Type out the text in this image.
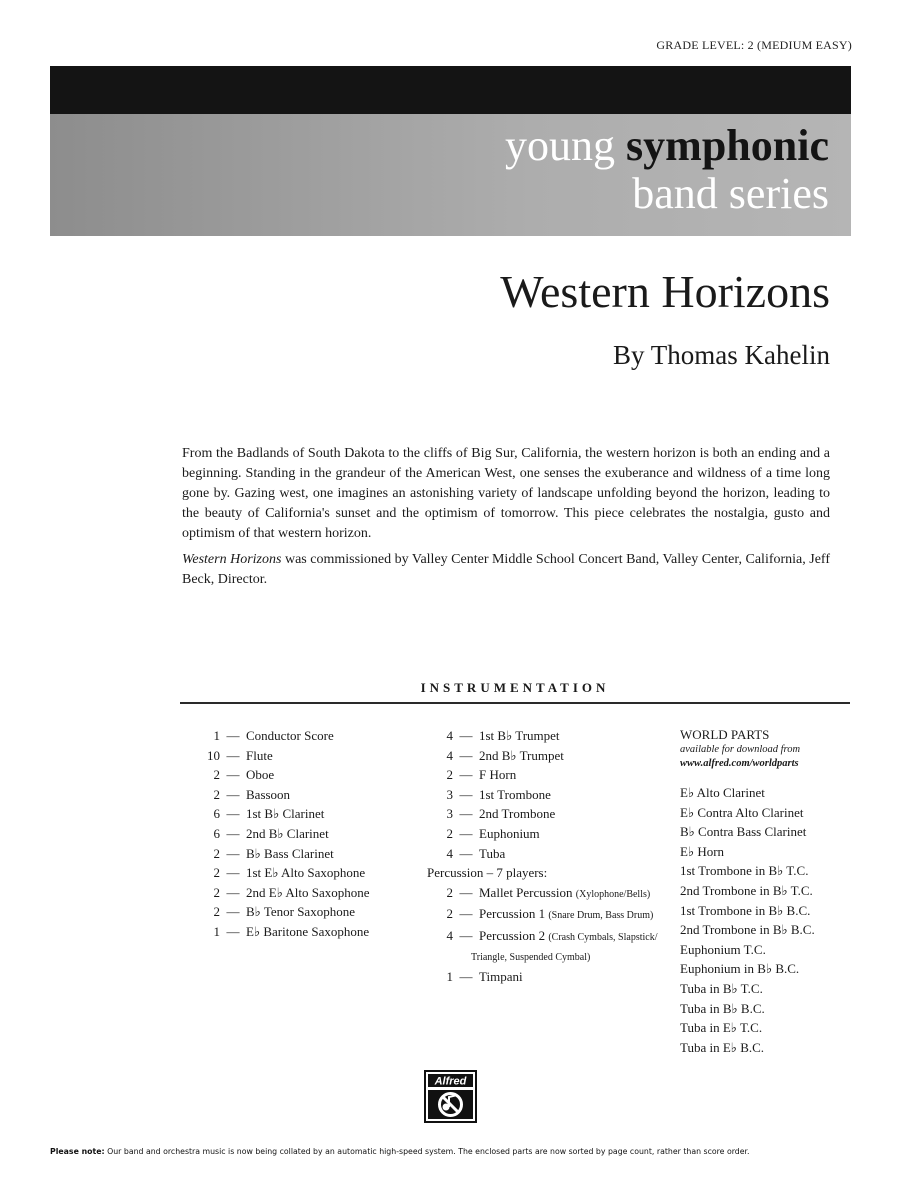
GRADE LEVEL: 2 (MEDIUM EASY)
young symphonic
band series
Western Horizons
By Thomas Kahelin

From the Badlands of South Dakota to the cliffs of Big Sur, California, the western horizon is both an ending and a beginning. Standing in the grandeur of the American West, one senses the exuberance and wildness of a time long gone by. Gazing west, one imagines an astonishing variety of landscape unfolding beyond the horizon, leading to the beauty of California's sunset and the optimism of tomorrow. This piece celebrates the nostalgia, gusto and optimism of that western horizon.

Western Horizons was commissioned by Valley Center Middle School Concert Band, Valley Center, California, Jeff Beck, Director.

INSTRUMENTATION
1 — Conductor Score
10 — Flute
2 — Oboe
2 — Bassoon
6 — 1st B♭ Clarinet
6 — 2nd B♭ Clarinet
2 — B♭ Bass Clarinet
2 — 1st E♭ Alto Saxophone
2 — 2nd E♭ Alto Saxophone
2 — B♭ Tenor Saxophone
1 — E♭ Baritone Saxophone
4 — 1st B♭ Trumpet
4 — 2nd B♭ Trumpet
2 — F Horn
3 — 1st Trombone
3 — 2nd Trombone
2 — Euphonium
4 — Tuba
Percussion – 7 players:
2 — Mallet Percussion (Xylophone/Bells)
2 — Percussion 1 (Snare Drum, Bass Drum)
4 — Percussion 2 (Crash Cymbals, Slapstick/
Triangle, Suspended Cymbal)
1 — Timpani
WORLD PARTS
available for download from
www.alfred.com/worldparts
E♭ Alto Clarinet
E♭ Contra Alto Clarinet
B♭ Contra Bass Clarinet
E♭ Horn
1st Trombone in B♭ T.C.
2nd Trombone in B♭ T.C.
1st Trombone in B♭ B.C.
2nd Trombone in B♭ B.C.
Euphonium T.C.
Euphonium in B♭ B.C.
Tuba in B♭ T.C.
Tuba in B♭ B.C.
Tuba in E♭ T.C.
Tuba in E♭ B.C.
Alfred
Please note: Our band and orchestra music is now being collated by an automatic high-speed system. The enclosed parts are now sorted by page count, rather than score order.
